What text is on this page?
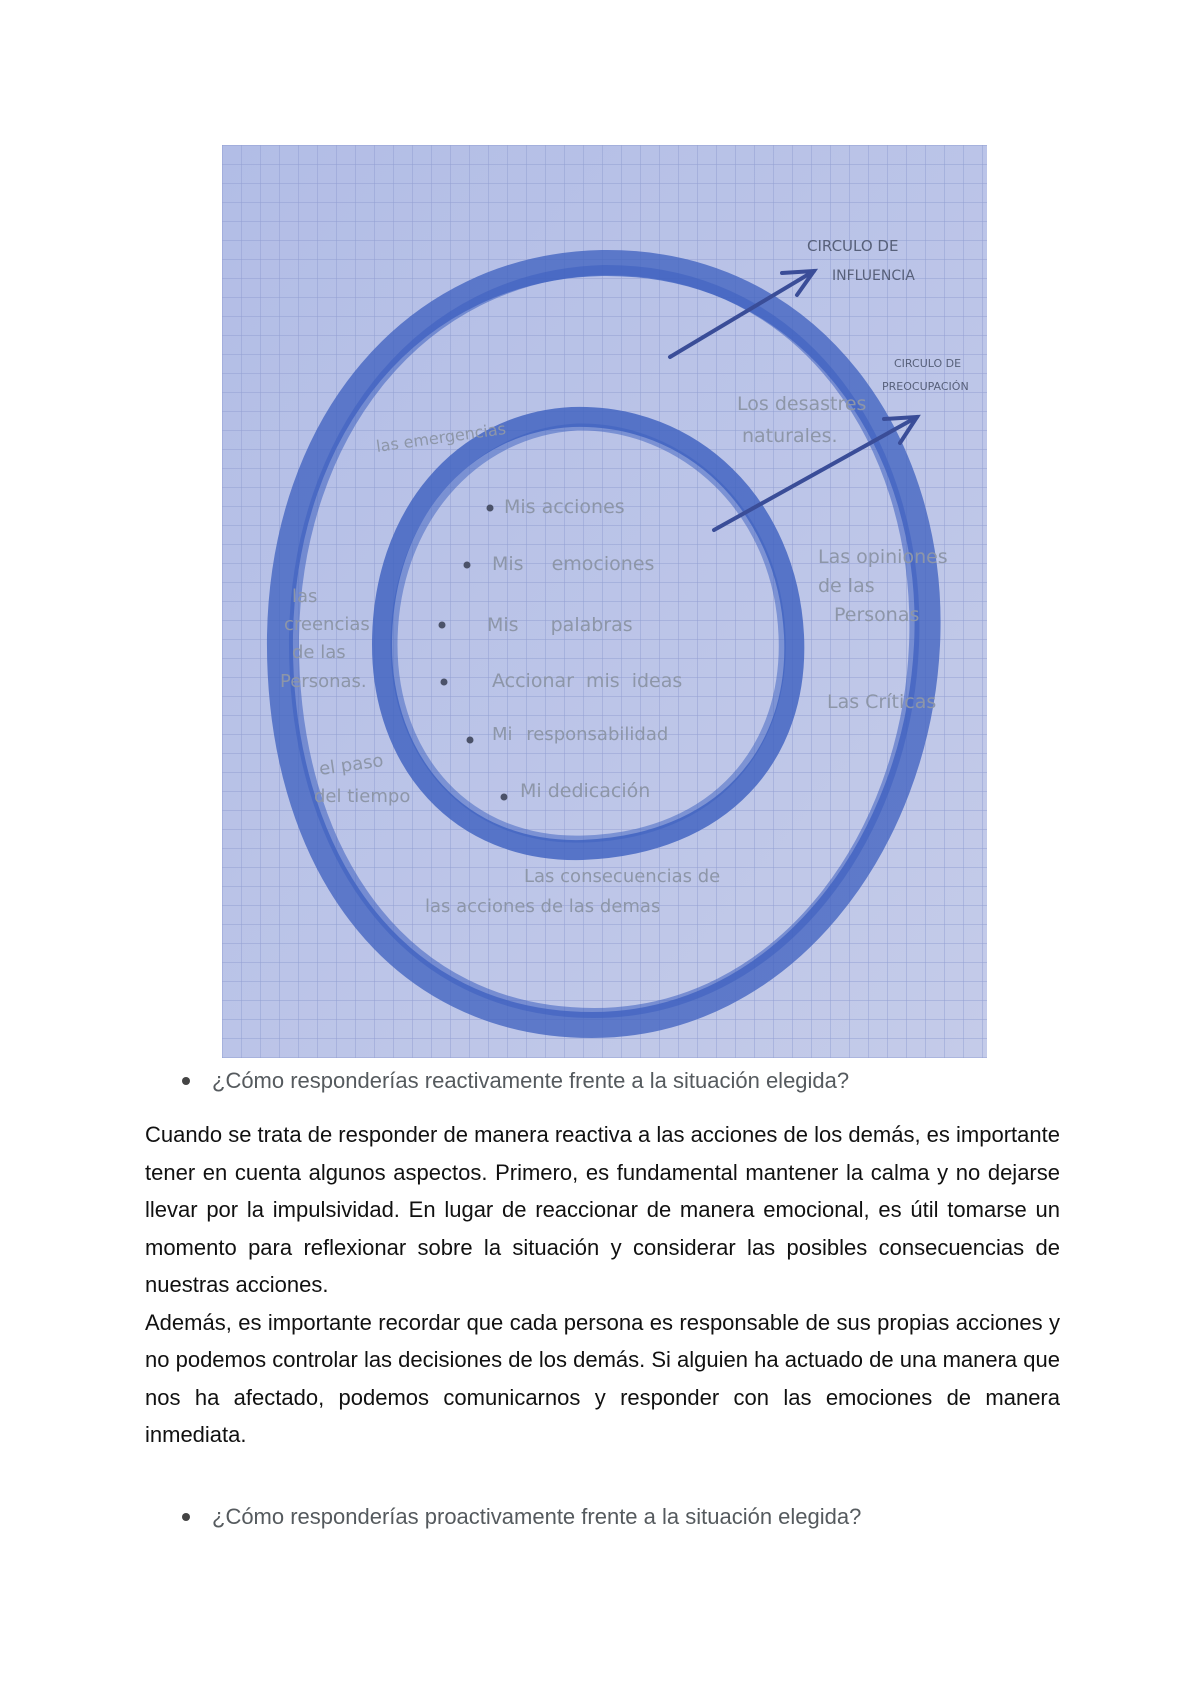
CIRCULO DE
INFLUENCIA
CIRCULO DE
PREOCUPACIÓN
las emergencias
Los desastres
naturales.
Las opiniones
de las
Personas
Las Críticas
las
creencias
de las
Personas.
el paso
del tiempo
Las consecuencias de
las acciones de las demas
Mis acciones
Mis emociones
Mis palabras
Accionar mis ideas
Mi responsabilidad
Mi dedicación
¿Cómo responderías reactivamente frente a la situación elegida?

Cuando se trata de responder de manera reactiva a las acciones de los demás, es importante tener en cuenta algunos aspectos. Primero, es fundamental mantener la calma y no dejarse llevar por la impulsividad. En lugar de reaccionar de manera emocional, es útil tomarse un momento para reflexionar sobre la situación y considerar las posibles consecuencias de nuestras acciones.

Además, es importante recordar que cada persona es responsable de sus propias acciones y no podemos controlar las decisiones de los demás. Si alguien ha actuado de una manera que nos ha afectado, podemos comunicarnos y responder con las emociones de manera inmediata.

¿Cómo responderías proactivamente frente a la situación elegida?
